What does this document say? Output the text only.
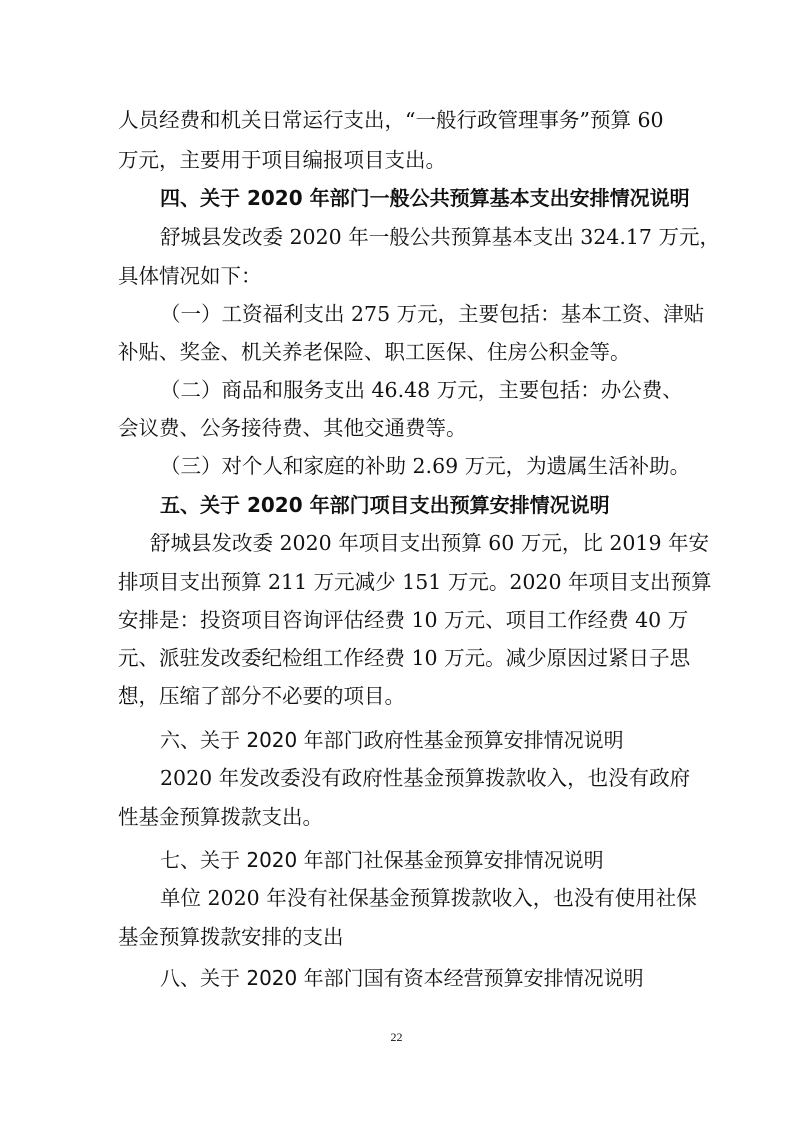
人员经费和机关日常运行支出，“一般行政管理事务”预算 60
万元，主要用于项目编报项目支出。
四、关于 2020 年部门一般公共预算基本支出安排情况说明
舒城县发改委 2020 年一般公共预算基本支出 324.17 万元，
具体情况如下：
（一）工资福利支出 275 万元，主要包括：基本工资、津贴
补贴、奖金、机关养老保险、职工医保、住房公积金等。
（二）商品和服务支出 46.48 万元，主要包括：办公费、
会议费、公务接待费、其他交通费等。
（三）对个人和家庭的补助 2.69 万元，为遗属生活补助。
五、关于 2020 年部门项目支出预算安排情况说明
舒城县发改委 2020 年项目支出预算 60 万元，比 2019 年安
排项目支出预算 211 万元减少 151 万元。2020 年项目支出预算
安排是：投资项目咨询评估经费 10 万元、项目工作经费 40 万
元、派驻发改委纪检组工作经费 10 万元。减少原因过紧日子思
想，压缩了部分不必要的项目。
六、关于 2020 年部门政府性基金预算安排情况说明
2020 年发改委没有政府性基金预算拨款收入，也没有政府
性基金预算拨款支出。
七、关于 2020 年部门社保基金预算安排情况说明
单位 2020 年没有社保基金预算拨款收入，也没有使用社保
基金预算拨款安排的支出
八、关于 2020 年部门国有资本经营预算安排情况说明
22
